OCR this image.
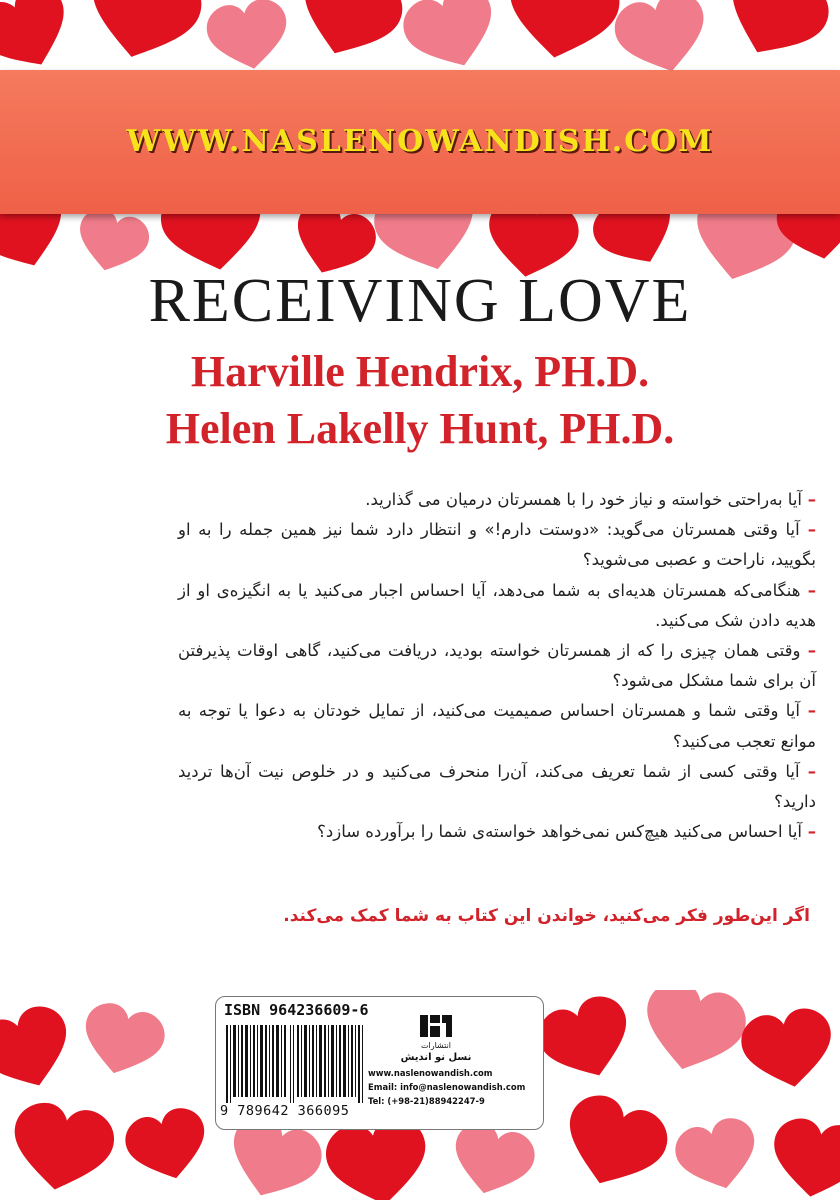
WWW.NASLENOWANDISH.COM
RECEIVING LOVE
Harville Hendrix, PH.D.
Helen Lakelly Hunt, PH.D.

– آیا به‌راحتی خواسته و نیاز خود را با همسرتان درمیان می گذارید.

– آیا وقتی همسرتان می‌گوید: «دوستت دارم!» و انتظار دارد شما نیز همین جمله را به او بگویید، ناراحت و عصبی می‌شوید؟

– هنگامی‌که همسرتان هدیه‌ای به شما می‌دهد، آیا احساس اجبار می‌کنید یا به انگیزه‌ی او از هدیه دادن شک می‌کنید.

– وقتی همان چیزی را که از همسرتان خواسته بودید، دریافت می‌کنید، گاهی اوقات پذیرفتن آن برای شما مشکل می‌شود؟

– آیا وقتی شما و همسرتان احساس صمیمیت می‌کنید، از تمایل خودتان به دعوا یا توجه به موانع تعجب می‌کنید؟

– آیا وقتی کسی از شما تعریف می‌کند، آن‌را منحرف می‌کنید و در خلوص نیت آن‌ها تردید دارید؟

– آیا احساس می‌کنید هیچ‌کس نمی‌خواهد خواسته‌ی شما را برآورده سازد؟

اگر این‌طور فکر می‌کنید، خواندن این کتاب به شما کمک می‌کند.
ISBN 964236609-6
9 789642 366095
انتشارات
نسل نو اندیش
www.naslenowandish.com
Email: info@naslenowandish.com
Tel: (+98-21)88942247-9
